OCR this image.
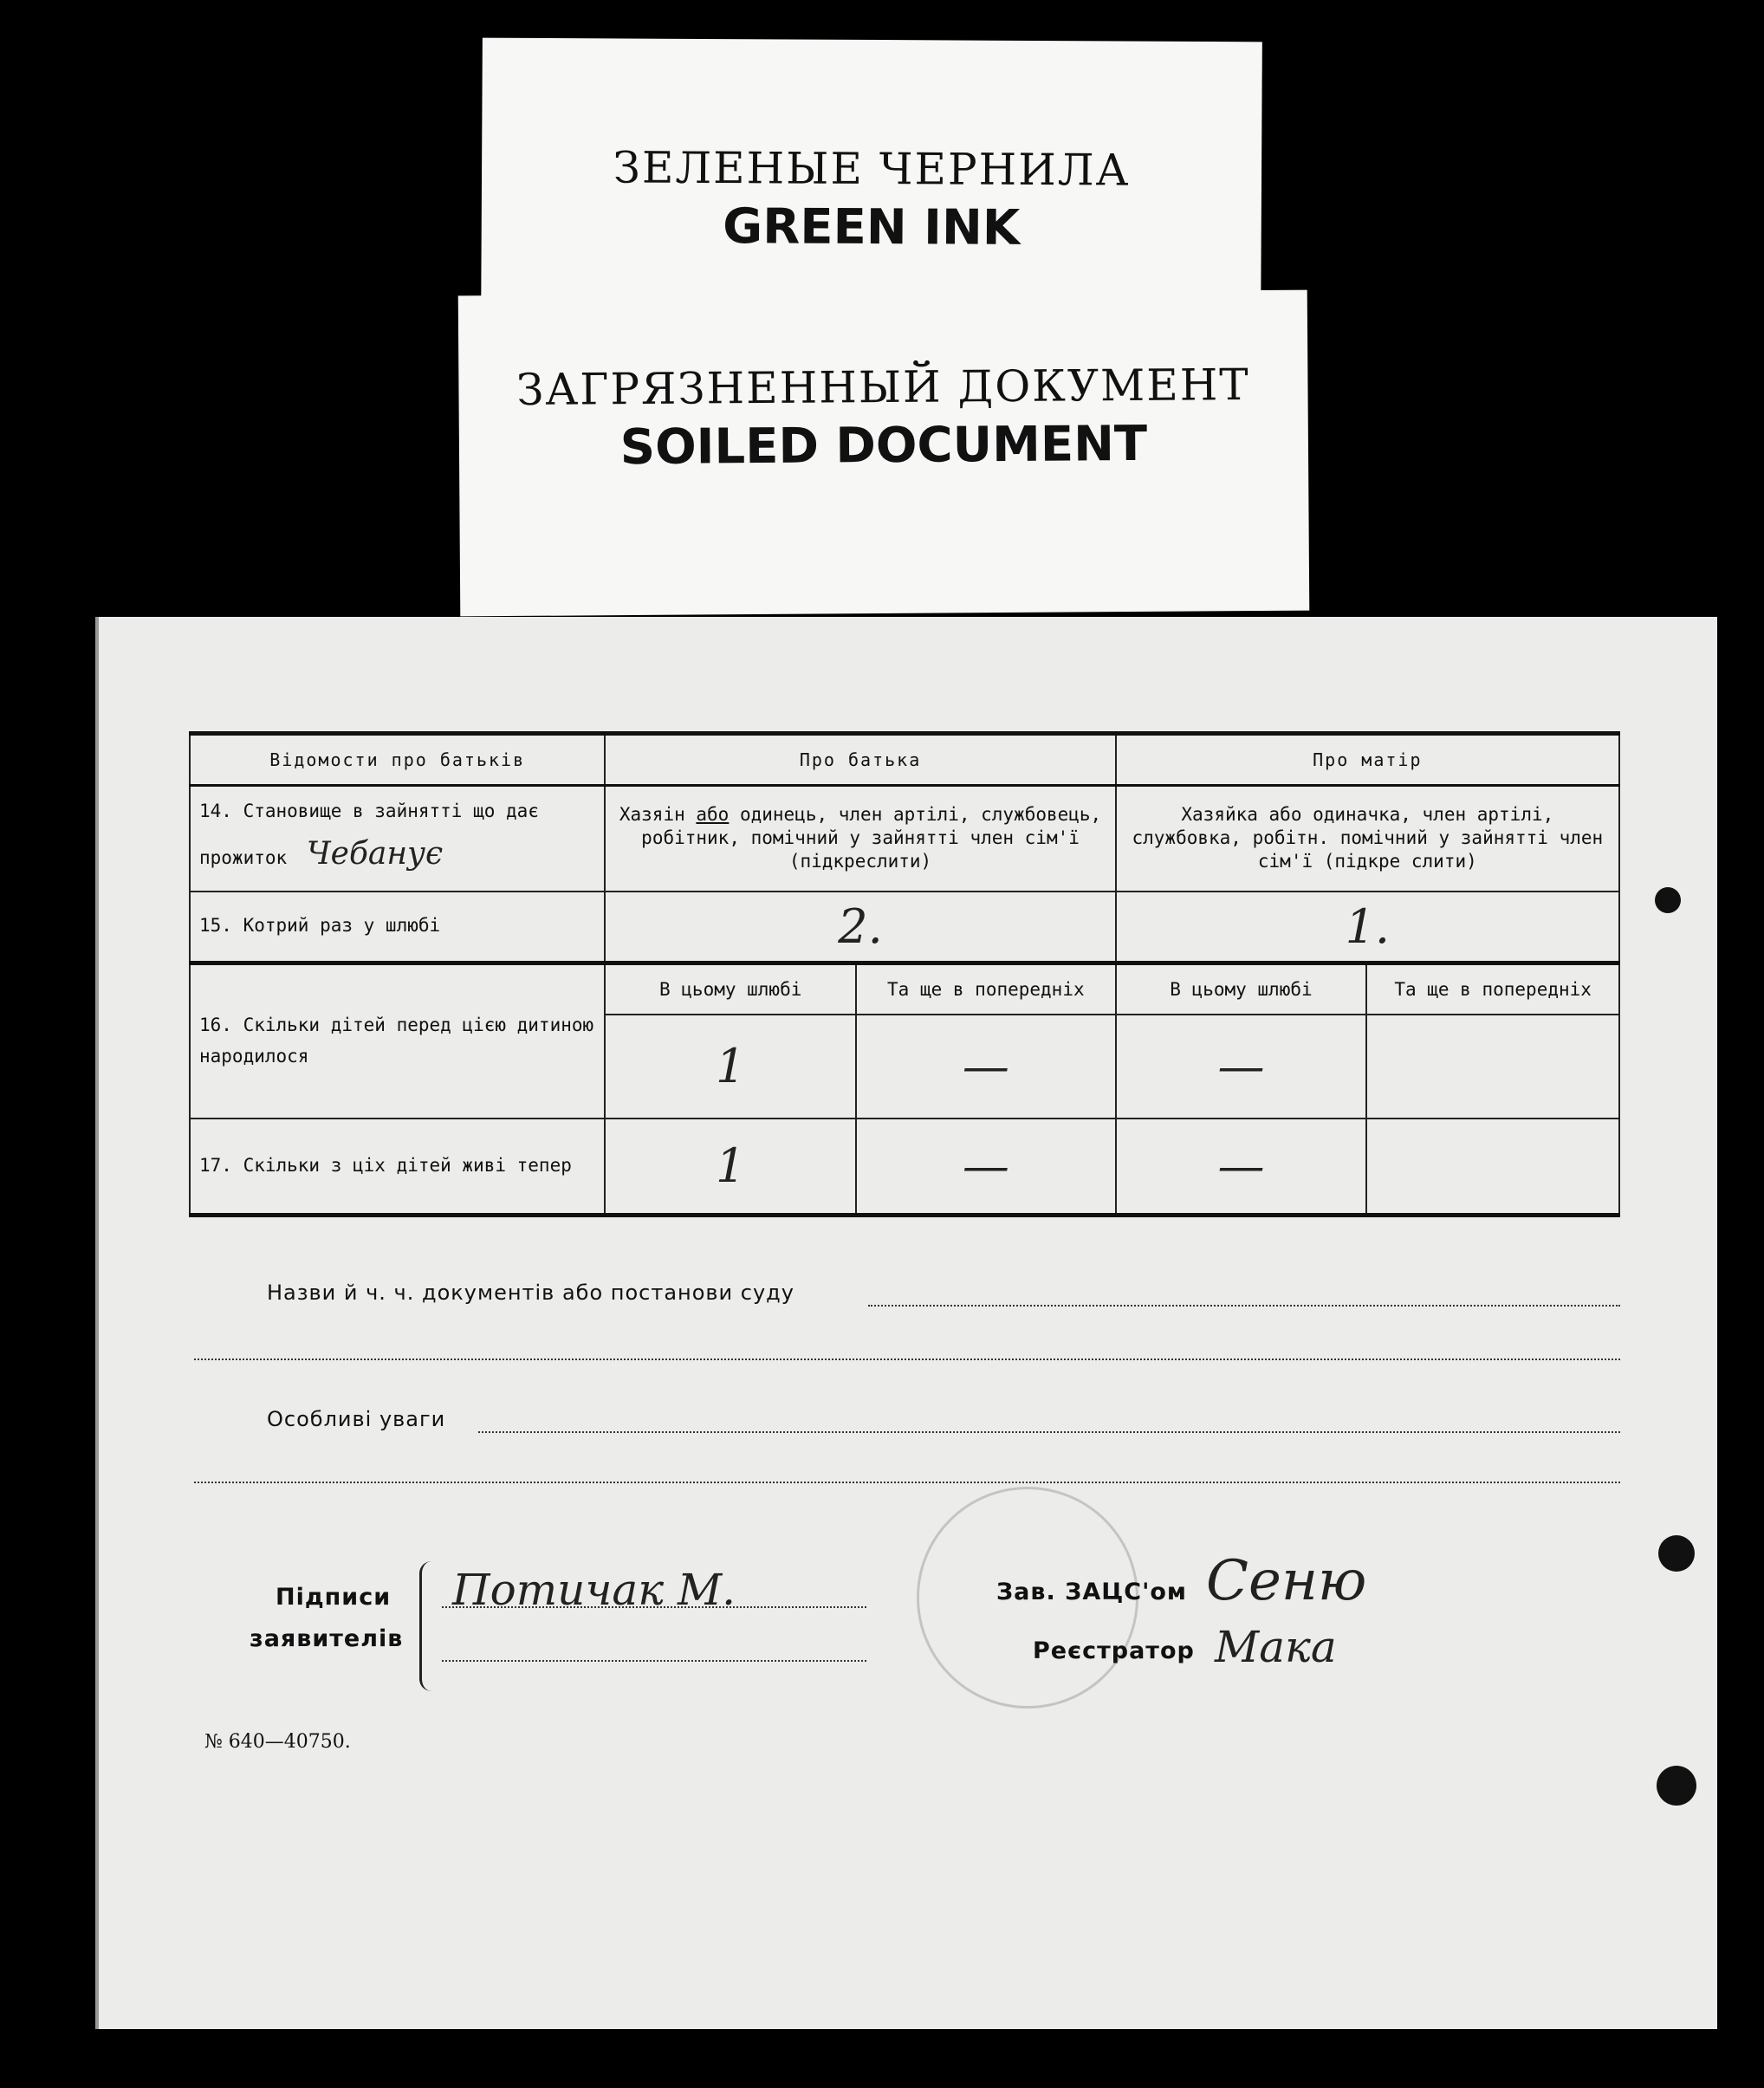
ЗЕЛЕНЫЕ ЧЕРНИЛА
GREEN INK
ЗАГРЯЗНЕННЫЙ ДОКУМЕНТ
SOILED DOCUMENT
Відомости про батьків	Про батька		Про матір	
14. Становище в зайнятті що дає прожиток Чебанує	Хазяін або одинець, член артілі, службовець, робітник, помічний у зайнятті член сім'ї (підкреслити)		Хазяйка або одиначка, член артілі, службовка, робітн. помічний у зайнятті член сім'ї (підкре слити)	
15. Котрий раз у шлюбі	2.		1.	
16. Скільки дітей перед цією дитиною народилося	В цьому шлюбі	Та ще в попередніх	В цьому шлюбі	Та ще в попередніх
	1	—	—	
17. Скільки з ціх дітей живі тепер	1	—	—	
Назви й ч. ч. документів або постанови суду
Особливі уваги
Підписи
заявителів
Потичак М.	Зав. ЗАЦС'ом Сеню
Реєстратор Мака
№ 640—40750.
